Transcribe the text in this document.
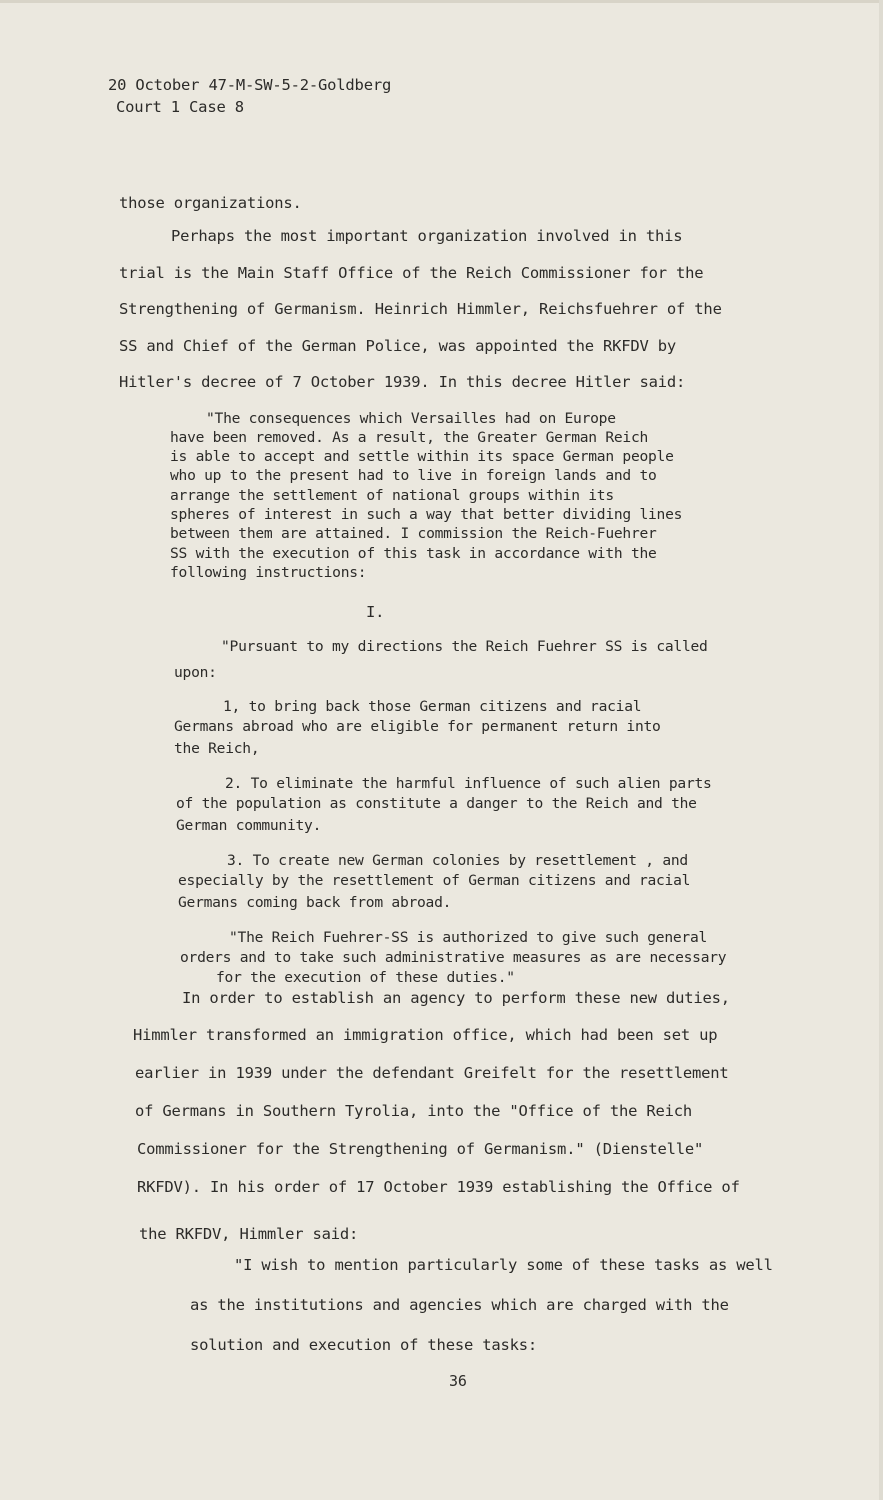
20 October 47-M-SW-5-2-Goldberg
Court 1 Case 8
those organizations.
Perhaps the most important organization involved in this
trial is the Main Staff Office of the Reich Commissioner for the
Strengthening of Germanism. Heinrich Himmler, Reichsfuehrer of the
SS and Chief of the German Police, was appointed the RKFDV by
Hitler's decree of 7 October 1939. In this decree Hitler said:
"The consequences which Versailles had on Europe
have been removed. As a result, the Greater German Reich
is able to accept and settle within its space German people
who up to the present had to live in foreign lands and to
arrange the settlement of national groups within its
spheres of interest in such a way that better dividing lines
between them are attained. I commission the Reich-Fuehrer
SS with the execution of this task in accordance with the
following instructions:
I.
"Pursuant to my directions the Reich Fuehrer SS is called
upon:
1, to bring back those German citizens and racial
Germans abroad who are eligible for permanent return into
the Reich,
2. To eliminate the harmful influence of such alien parts
of the population as constitute a danger to the Reich and the
German community.
3. To create new German colonies by resettlement , and
especially by the resettlement of German citizens and racial
Germans coming back from abroad.
"The Reich Fuehrer-SS is authorized to give such general
orders and to take such administrative measures as are necessary
for the execution of these duties."
In order to establish an agency to perform these new duties,
Himmler transformed an immigration office, which had been set up
earlier in 1939 under the defendant Greifelt for the resettlement
of Germans in Southern Tyrolia, into the "Office of the Reich
Commissioner for the Strengthening of Germanism." (Dienstelle"
RKFDV). In his order of 17 October 1939 establishing the Office of
the RKFDV, Himmler said:
"I wish to mention particularly some of these tasks as well
as the institutions and agencies which are charged with the
solution and execution of these tasks:
36
